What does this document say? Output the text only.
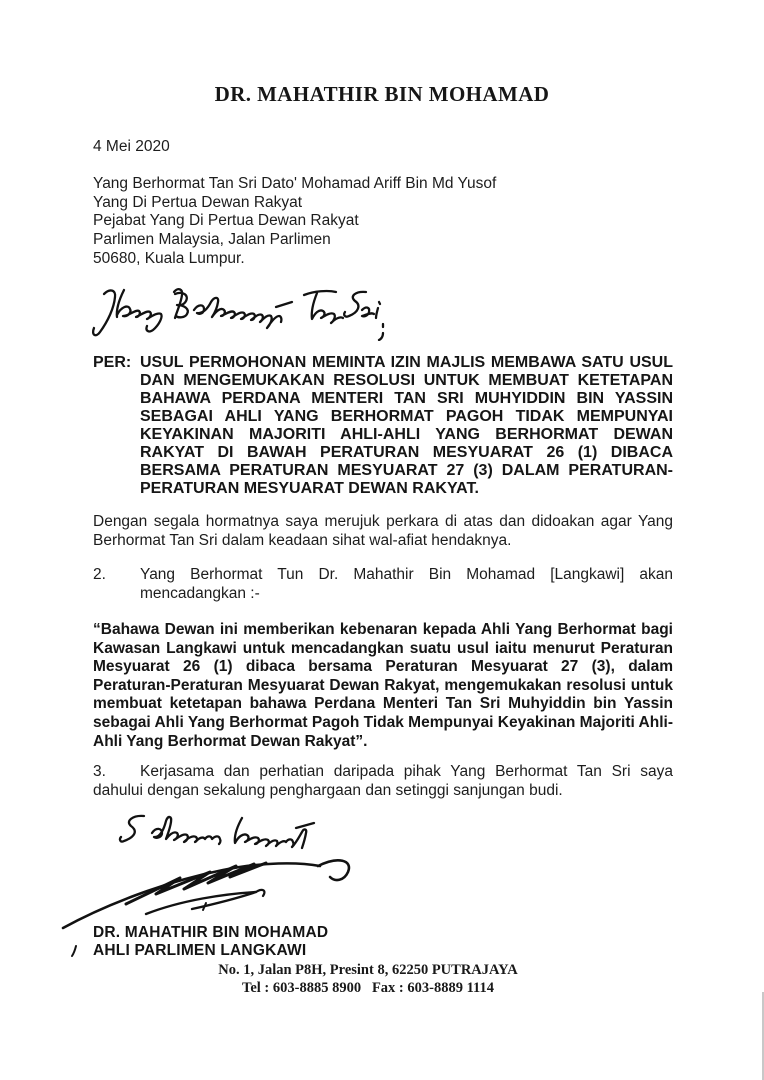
DR. MAHATHIR BIN MOHAMAD
4 Mei 2020
Yang Berhormat Tan Sri Dato' Mohamad Ariff Bin Md Yusof
Yang Di Pertua Dewan Rakyat
Pejabat Yang Di Pertua Dewan Rakyat
Parlimen Malaysia, Jalan Parlimen
50680, Kuala Lumpur.
PER: USUL PERMOHONAN MEMINTA IZIN MAJLIS MEMBAWA SATU USUL DAN MENGEMUKAKAN RESOLUSI UNTUK MEMBUAT KETETAPAN BAHAWA PERDANA MENTERI TAN SRI MUHYIDDIN BIN YASSIN SEBAGAI AHLI YANG BERHORMAT PAGOH TIDAK MEMPUNYAI KEYAKINAN MAJORITI AHLI-AHLI YANG BERHORMAT DEWAN RAKYAT DI BAWAH PERATURAN MESYUARAT 26 (1) DIBACA BERSAMA PERATURAN MESYUARAT 27 (3) DALAM PERATURAN-PERATURAN MESYUARAT DEWAN RAKYAT.

Dengan segala hormatnya saya merujuk perkara di atas dan didoakan agar Yang Berhormat Tan Sri dalam keadaan sihat wal-afiat hendaknya.

2. Yang Berhormat Tun Dr. Mahathir Bin Mohamad [Langkawi] akan mencadangkan :-

“Bahawa Dewan ini memberikan kebenaran kepada Ahli Yang Berhormat bagi Kawasan Langkawi untuk mencadangkan suatu usul iaitu menurut Peraturan Mesyuarat 26 (1) dibaca bersama Peraturan Mesyuarat 27 (3), dalam Peraturan-Peraturan Mesyuarat Dewan Rakyat, mengemukakan resolusi untuk membuat ketetapan bahawa Perdana Menteri Tan Sri Muhyiddin bin Yassin sebagai Ahli Yang Berhormat Pagoh Tidak Mempunyai Keyakinan Majoriti Ahli-Ahli Yang Berhormat Dewan Rakyat”.

3. Kerjasama dan perhatian daripada pihak Yang Berhormat Tan Sri saya dahului dengan sekalung penghargaan dan setinggi sanjungan budi.

DR. MAHATHIR BIN MOHAMAD
AHLI PARLIMEN LANGKAWI
No. 1, Jalan P8H, Presint 8, 62250 PUTRAJAYA
Tel : 603-8885 8900   Fax : 603-8889 1114
